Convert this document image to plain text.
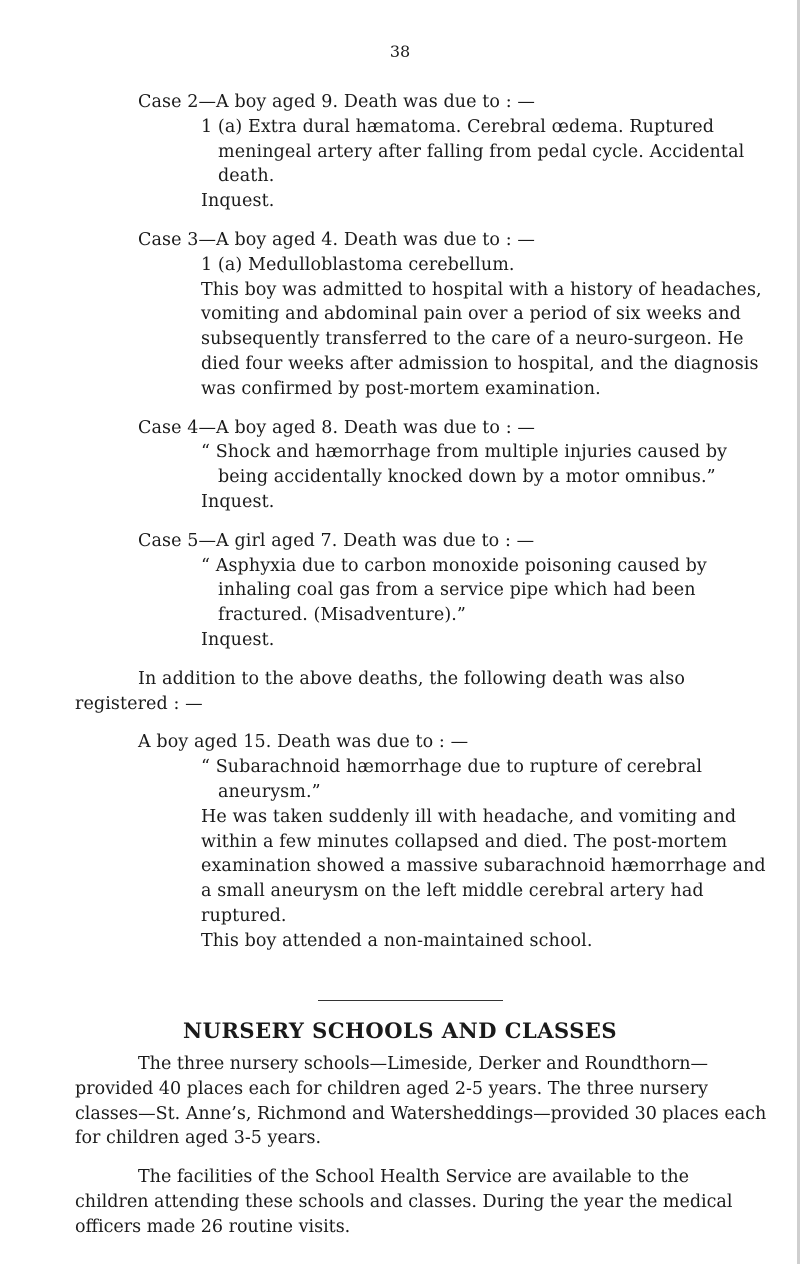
38
Case 2—A boy aged 9. Death was due to : —

1 (a) Extra dural hæmatoma. Cerebral œdema. Ruptured meningeal artery after falling from pedal cycle. Accidental death.

Inquest.

Case 3—A boy aged 4. Death was due to : —

1 (a) Medulloblastoma cerebellum.

This boy was admitted to hospital with a history of headaches, vomiting and abdominal pain over a period of six weeks and subsequently transferred to the care of a neuro-surgeon. He died four weeks after admission to hospital, and the diagnosis was confirmed by post-mortem examination.

Case 4—A boy aged 8. Death was due to : —

“ Shock and hæmorrhage from multiple injuries caused by being accidentally knocked down by a motor omnibus.”

Inquest.

Case 5—A girl aged 7. Death was due to : —

“ Asphyxia due to carbon monoxide poisoning caused by inhaling coal gas from a service pipe which had been fractured. (Misadventure).”

Inquest.

In addition to the above deaths, the following death was also registered : —

A boy aged 15. Death was due to : —

“ Subarachnoid hæmorrhage due to rupture of cerebral aneurysm.”

He was taken suddenly ill with headache, and vomiting and within a few minutes collapsed and died. The post-mortem examination showed a massive subarachnoid hæmorrhage and a small aneurysm on the left middle cerebral artery had ruptured.

This boy attended a non-maintained school.

NURSERY SCHOOLS AND CLASSES

The three nursery schools—Limeside, Derker and Roundthorn— provided 40 places each for children aged 2-5 years. The three nursery classes—St. Anne’s, Richmond and Watersheddings—provided 30 places each for children aged 3-5 years.

The facilities of the School Health Service are available to the children attending these schools and classes. During the year the medical officers made 26 routine visits.
